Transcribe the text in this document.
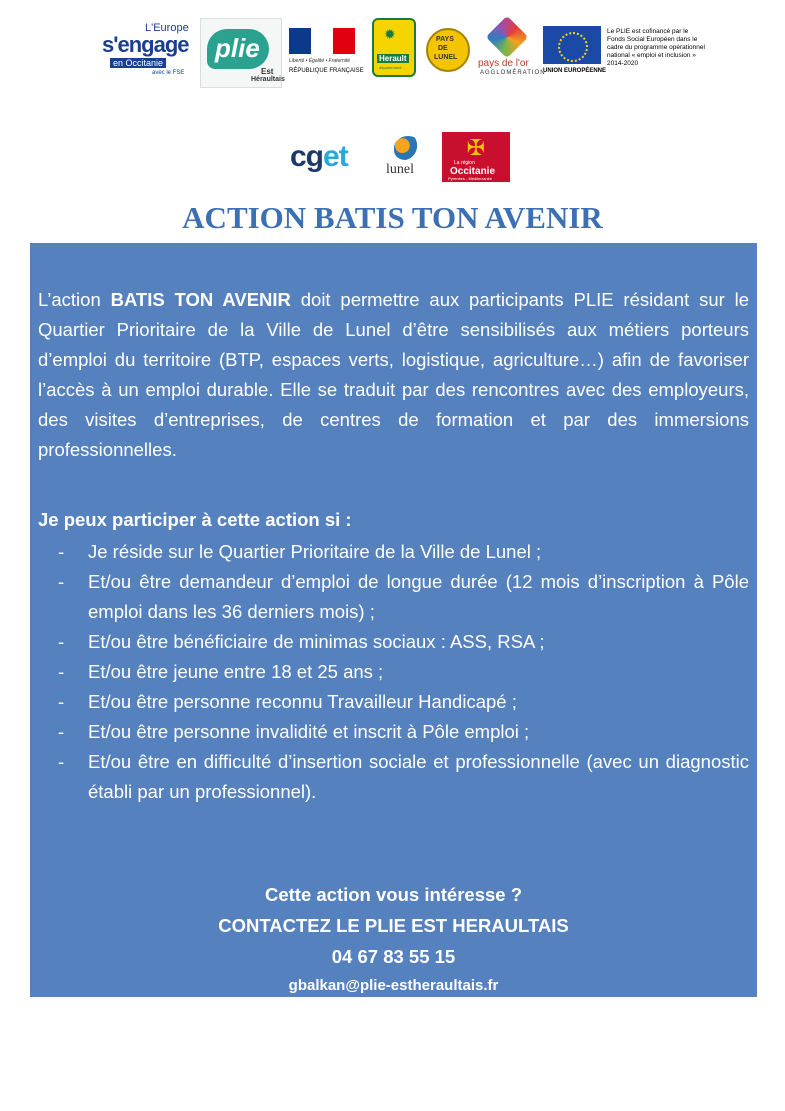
L'Europe
s'engage
en Occitanie
avec le FSE
plie
Est
Héraultais
Liberté • Égalité • Fraternité
RÉPUBLIQUE FRANÇAISE
✹
Herault
département
PAYS
DE
LUNEL
pays de l'or
AGGLOMÉRATION
UNION EUROPÉENNE
Le PLIE est cofinancé par le Fonds Social Européen dans le cadre du programme opérationnel national « emploi et inclusion » 2014-2020
cget	lunel
✠
La région
Occitanie
Pyrénées - Méditerranée
ACTION BATIS TON AVENIR

L’action BATIS TON AVENIR doit permettre aux participants PLIE résidant sur le Quartier Prioritaire de la Ville de Lunel d’être sensibilisés aux métiers porteurs d’emploi du territoire (BTP, espaces verts, logistique, agriculture…) afin de favoriser l’accès à un emploi durable. Elle se traduit par des rencontres avec des employeurs, des visites d’entreprises, de centres de formation et par des immersions professionnelles.

Je peux participer à cette action si :
- Je réside sur le Quartier Prioritaire de la Ville de Lunel ;
- Et/ou être demandeur d’emploi de longue durée (12 mois d’inscription à Pôle emploi dans les 36 derniers mois) ;
- Et/ou être bénéficiaire de minimas sociaux : ASS, RSA ;
- Et/ou être jeune entre 18 et 25 ans ;
- Et/ou être personne reconnu Travailleur Handicapé ;
- Et/ou être personne invalidité et inscrit à Pôle emploi ;
- Et/ou être en difficulté d’insertion sociale et professionnelle (avec un diagnostic établi par un professionnel).
Cette action vous intéresse ?
CONTACTEZ LE PLIE EST HERAULTAIS
04 67 83 55 15
gbalkan@plie-estheraultais.fr
